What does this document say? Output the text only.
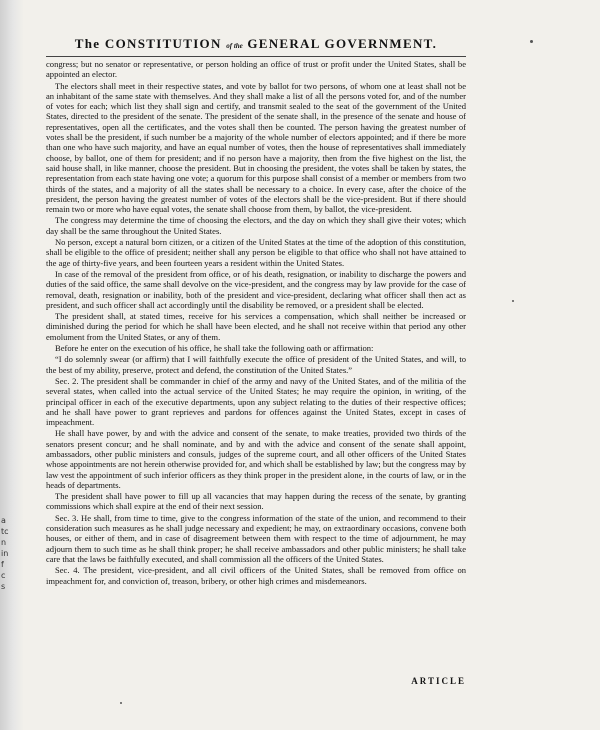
a
tc
n
in
f
c
s
The CONSTITUTION of the GENERAL GOVERNMENT.

congress; but no senator or representative, or person holding an office of trust or profit under the United States, shall be appointed an elector.

The electors shall meet in their respective states, and vote by ballot for two persons, of whom one at least shall not be an inhabitant of the same state with themselves. And they shall make a list of all the persons voted for, and of the number of votes for each; which list they shall sign and certify, and transmit sealed to the seat of the government of the United States, directed to the president of the senate. The president of the senate shall, in the presence of the senate and house of representatives, open all the certificates, and the votes shall then be counted. The person having the greatest number of votes shall be the president, if such number be a majority of the whole number of electors appointed; and if there be more than one who have such majority, and have an equal number of votes, then the house of representatives shall immediately choose, by ballot, one of them for president; and if no person have a majority, then from the five highest on the list, the said house shall, in like manner, choose the president. But in choosing the president, the votes shall be taken by states, the representation from each state having one vote; a quorum for this purpose shall consist of a member or members from two thirds of the states, and a majority of all the states shall be necessary to a choice. In every case, after the choice of the president, the person having the greatest number of votes of the electors shall be the vice-president. But if there should remain two or more who have equal votes, the senate shall choose from them, by ballot, the vice-president.

The congress may determine the time of choosing the electors, and the day on which they shall give their votes; which day shall be the same throughout the United States.

No person, except a natural born citizen, or a citizen of the United States at the time of the adoption of this constitution, shall be eligible to the office of president; neither shall any person be eligible to that office who shall not have attained to the age of thirty-five years, and been fourteen years a resident within the United States.

In case of the removal of the president from office, or of his death, resignation, or inability to discharge the powers and duties of the said office, the same shall devolve on the vice-president, and the congress may by law provide for the case of removal, death, resignation or inability, both of the president and vice-president, declaring what officer shall then act as president, and such officer shall act accordingly until the disability be removed, or a president shall be elected.

The president shall, at stated times, receive for his services a compensation, which shall neither be increased or diminished during the period for which he shall have been elected, and he shall not receive within that period any other emolument from the United States, or any of them.

Before he enter on the execution of his office, he shall take the following oath or affirmation:

“I do solemnly swear (or affirm) that I will faithfully execute the office of president of the United States, and will, to the best of my ability, preserve, protect and defend, the constitution of the United States.”

Sec. 2. The president shall be commander in chief of the army and navy of the United States, and of the militia of the several states, when called into the actual service of the United States; he may require the opinion, in writing, of the principal officer in each of the executive departments, upon any subject relating to the duties of their respective offices; and he shall have power to grant reprieves and pardons for offences against the United States, except in cases of impeachment.

He shall have power, by and with the advice and consent of the senate, to make treaties, provided two thirds of the senators present concur; and he shall nominate, and by and with the advice and consent of the senate shall appoint, ambassadors, other public ministers and consuls, judges of the supreme court, and all other officers of the United States whose appointments are not herein otherwise provided for, and which shall be established by law; but the congress may by law vest the appointment of such inferior officers as they think proper in the president alone, in the courts of law, or in the heads of departments.

The president shall have power to fill up all vacancies that may happen during the recess of the senate, by granting commissions which shall expire at the end of their next session.

Sec. 3. He shall, from time to time, give to the congress information of the state of the union, and recommend to their consideration such measures as he shall judge necessary and expedient; he may, on extraordinary occasions, convene both houses, or either of them, and in case of disagreement between them with respect to the time of adjournment, he may adjourn them to such time as he shall think proper; he shall receive ambassadors and other public ministers; he shall take care that the laws be faithfully executed, and shall commission all the officers of the United States.

Sec. 4. The president, vice-president, and all civil officers of the United States, shall be removed from office on impeachment for, and conviction of, treason, bribery, or other high crimes and misdemeanors.

ARTICLE
